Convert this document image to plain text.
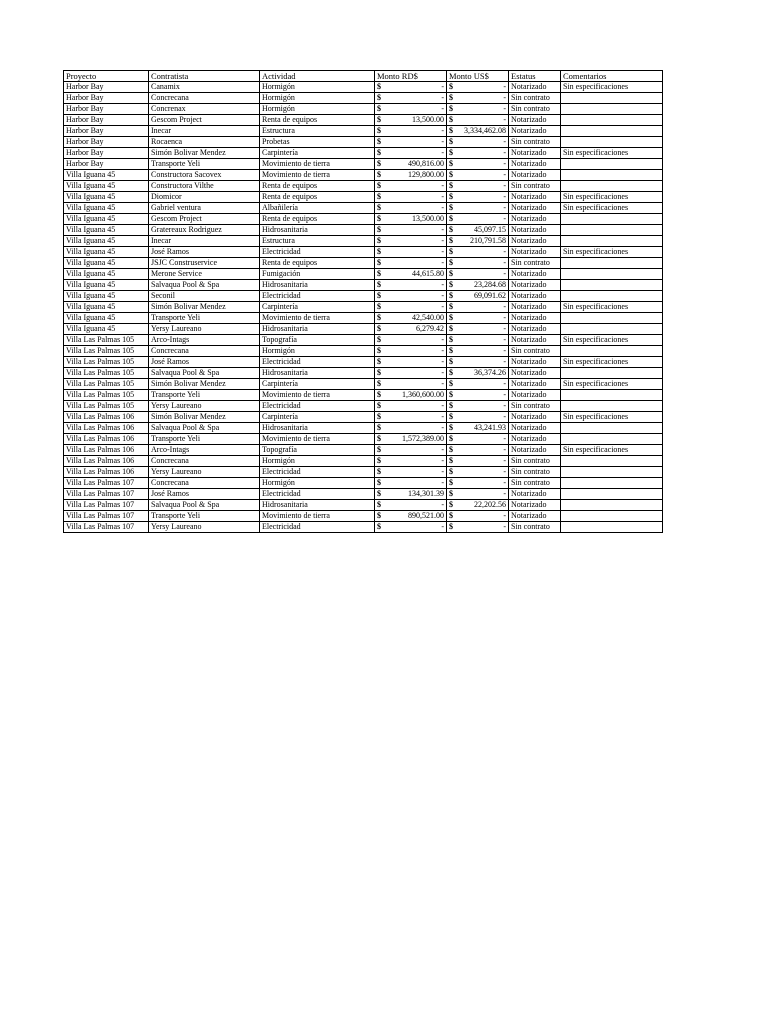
Proyecto	Contratista	Actividad	Monto RD$	Monto US$	Estatus	Comentarios
Harbor Bay	Canamix	Hormigón	$ -	$ -	Notarizado	Sin especificaciones
Harbor Bay	Concrecana	Hormigón	$ -	$ -	Sin contrato	
Harbor Bay	Concrenax	Hormigón	$ -	$ -	Sin contrato	
Harbor Bay	Gescom Project	Renta de equipos	$ 13,500.00	$ -	Notarizado	
Harbor Bay	Inecar	Estructura	$ -	$ 3,334,462.08	Notarizado	
Harbor Bay	Rocaenca	Probetas	$ -	$ -	Sin contrato	
Harbor Bay	Simón Bolivar Mendez	Carpintería	$ -	$ -	Notarizado	Sin especificaciones
Harbor Bay	Transporte Yeli	Movimiento de tierra	$ 490,816.00	$ -	Notarizado	
Villa Iguana 45	Constructora Sacovex	Movimiento de tierra	$ 129,800.00	$ -	Notarizado	
Villa Iguana 45	Constructora Vilthe	Renta de equipos	$ -	$ -	Sin contrato	
Villa Iguana 45	Diomicor	Renta de equipos	$ -	$ -	Notarizado	Sin especificaciones
Villa Iguana 45	Gabriel ventura	Albañilería	$ -	$ -	Notarizado	Sin especificaciones
Villa Iguana 45	Gescom Project	Renta de equipos	$ 13,500.00	$ -	Notarizado	
Villa Iguana 45	Gratereaux Rodriguez	Hidrosanitaria	$ -	$ 45,097.15	Notarizado	
Villa Iguana 45	Inecar	Estructura	$ -	$ 210,791.58	Notarizado	
Villa Iguana 45	José Ramos	Electricidad	$ -	$ -	Notarizado	Sin especificaciones
Villa Iguana 45	JSJC Construservice	Renta de equipos	$ -	$ -	Sin contrato	
Villa Iguana 45	Merone Service	Fumigación	$ 44,615.80	$ -	Notarizado	
Villa Iguana 45	Salvaqua Pool & Spa	Hidrosanitaria	$ -	$ 23,284.68	Notarizado	
Villa Iguana 45	Seconil	Electricidad	$ -	$ 69,091.62	Notarizado	
Villa Iguana 45	Simón Bolivar Mendez	Carpintería	$ -	$ -	Notarizado	Sin especificaciones
Villa Iguana 45	Transporte Yeli	Movimiento de tierra	$ 42,540.00	$ -	Notarizado	
Villa Iguana 45	Yersy Laureano	Hidrosanitaria	$ 6,279.42	$ -	Notarizado	
Villa Las Palmas 105	Arco-Intags	Topografía	$ -	$ -	Notarizado	Sin especificaciones
Villa Las Palmas 105	Concrecana	Hormigón	$ -	$ -	Sin contrato	
Villa Las Palmas 105	José Ramos	Electricidad	$ -	$ -	Notarizado	Sin especificaciones
Villa Las Palmas 105	Salvaqua Pool & Spa	Hidrosanitaria	$ -	$ 36,374.26	Notarizado	
Villa Las Palmas 105	Simón Bolivar Mendez	Carpintería	$ -	$ -	Notarizado	Sin especificaciones
Villa Las Palmas 105	Transporte Yeli	Movimiento de tierra	$ 1,360,600.00	$ -	Notarizado	
Villa Las Palmas 105	Yersy Laureano	Electricidad	$ -	$ -	Sin contrato	
Villa Las Palmas 106	Simón Bolivar Mendez	Carpintería	$ -	$ -	Notarizado	Sin especificaciones
Villa Las Palmas 106	Salvaqua Pool & Spa	Hidrosanitaria	$ -	$ 43,241.93	Notarizado	
Villa Las Palmas 106	Transporte Yeli	Movimiento de tierra	$ 1,572,389.00	$ -	Notarizado	
Villa Las Palmas 106	Arco-Intags	Topografía	$ -	$ -	Notarizado	Sin especificaciones
Villa Las Palmas 106	Concrecana	Hormigón	$ -	$ -	Sin contrato	
Villa Las Palmas 106	Yersy Laureano	Electricidad	$ -	$ -	Sin contrato	
Villa Las Palmas 107	Concrecana	Hormigón	$ -	$ -	Sin contrato	
Villa Las Palmas 107	José Ramos	Electricidad	$ 134,301.39	$ -	Notarizado	
Villa Las Palmas 107	Salvaqua Pool & Spa	Hidrosanitaria	$ -	$ 22,202.56	Notarizado	
Villa Las Palmas 107	Transporte Yeli	Movimiento de tierra	$ 890,521.00	$ -	Notarizado	
Villa Las Palmas 107	Yersy Laureano	Electricidad	$ -	$ -	Sin contrato	
